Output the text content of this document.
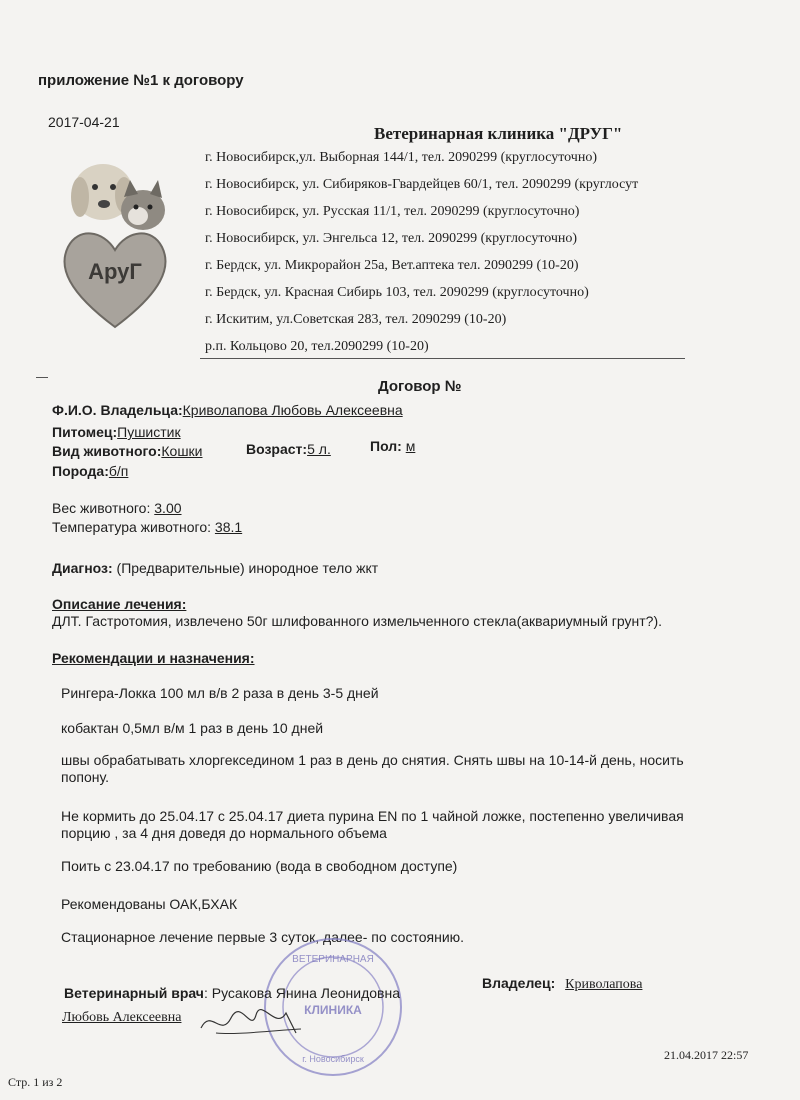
приложение №1 к договору
2017-04-21
Ветеринарная клиника "ДРУГ"
АруГ
г. Новосибирск,ул. Выборная 144/1, тел. 2090299 (круглосуточно)
г. Новосибирск, ул. Сибиряков-Гвардейцев 60/1, тел. 2090299 (круглосут
г. Новосибирск, ул. Русская 11/1, тел. 2090299 (круглосуточно)
г. Новосибирск, ул. Энгельса 12, тел. 2090299 (круглосуточно)
г. Бердск, ул. Микрорайон 25а, Вет.аптека тел. 2090299 (10-20)
г. Бердск, ул. Красная Сибирь 103, тел. 2090299 (круглосуточно)
г. Искитим, ул.Советская 283, тел. 2090299 (10-20)
р.п. Кольцово 20, тел.2090299 (10-20)
Договор №
Ф.И.О. Владельца:Криволапова Любовь Алексеевна
Питомец:Пушистик
Вид животного:Кошки	Возраст:5 л.	Пол: м
Порода:б/п
Вес животного: 3.00
Температура животного: 38.1
Диагноз: (Предварительные) инородное тело жкт
Описание лечения:
ДЛТ. Гастротомия, извлечено 50г шлифованного измельченного стекла(аквариумный грунт?).
Рекомендации и назначения:
Рингера-Локка 100 мл в/в 2 раза в день 3-5 дней
кобактан 0,5мл в/м 1 раз в день 10 дней
швы обрабатывать хлоргекседином 1 раз в день до снятия. Снять швы на 10-14-й день, носить попону.
Не кормить до 25.04.17 с 25.04.17 диета пурина EN по 1 чайной ложке, постепенно увеличивая порцию , за 4 дня доведя до нормального объема
Поить с 23.04.17 по требованию (вода в свободном доступе)
Рекомендованы ОАК,БХАК
Стационарное лечение первые 3 суток, далее- по состоянию.
ВЕТЕРИНАРНАЯ
КЛИНИКА
г. Новосибирск
Ветеринарный врач: Русакова Янина Леонидовна
Владелец: Криволапова
Любовь Алексеевна
21.04.2017 22:57
Стр. 1 из 2
